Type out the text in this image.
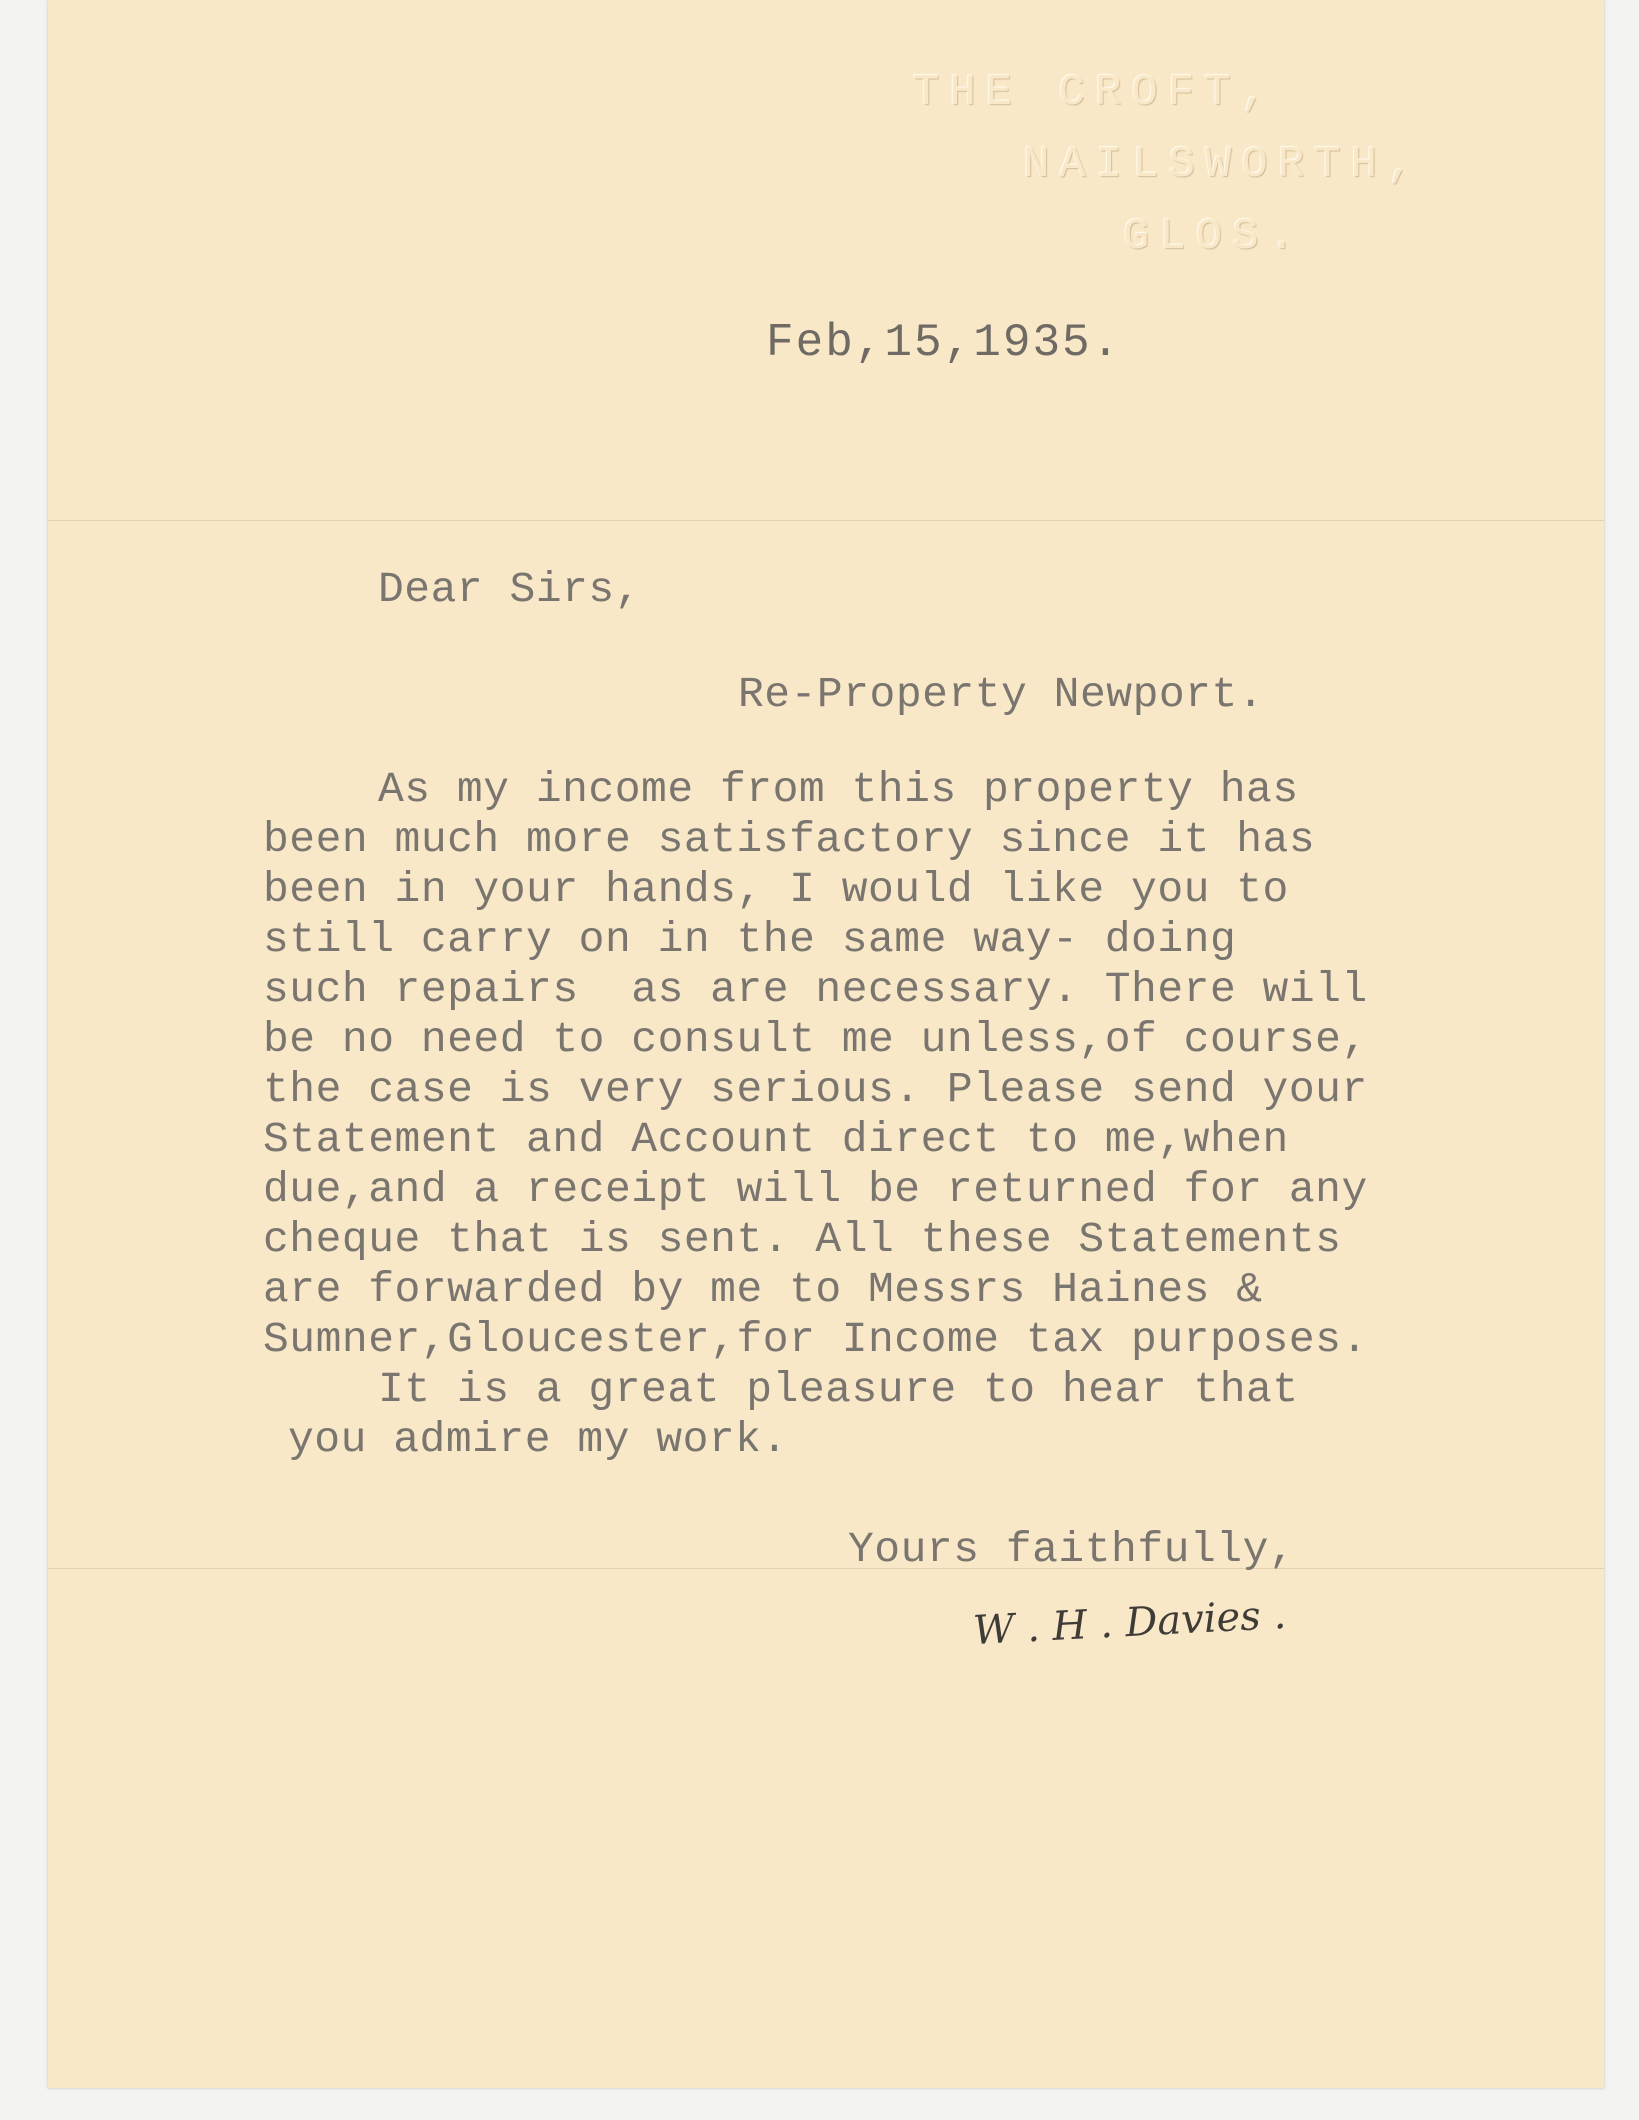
THE CROFT,
NAILSWORTH,
GLOS.
Feb,15,1935.
Dear Sirs,
Re-Property Newport.
As my income from this property has
been much more satisfactory since it has
been in your hands, I would like you to
still carry on in the same way- doing
such repairs  as are necessary. There will
be no need to consult me unless,of course,
the case is very serious. Please send your
Statement and Account direct to me,when
due,and a receipt will be returned for any
cheque that is sent. All these Statements
are forwarded by me to Messrs Haines &
Sumner,Gloucester,for Income tax purposes.
It is a great pleasure to hear that
you admire my work.
Yours faithfully,
W . H . Davies .
